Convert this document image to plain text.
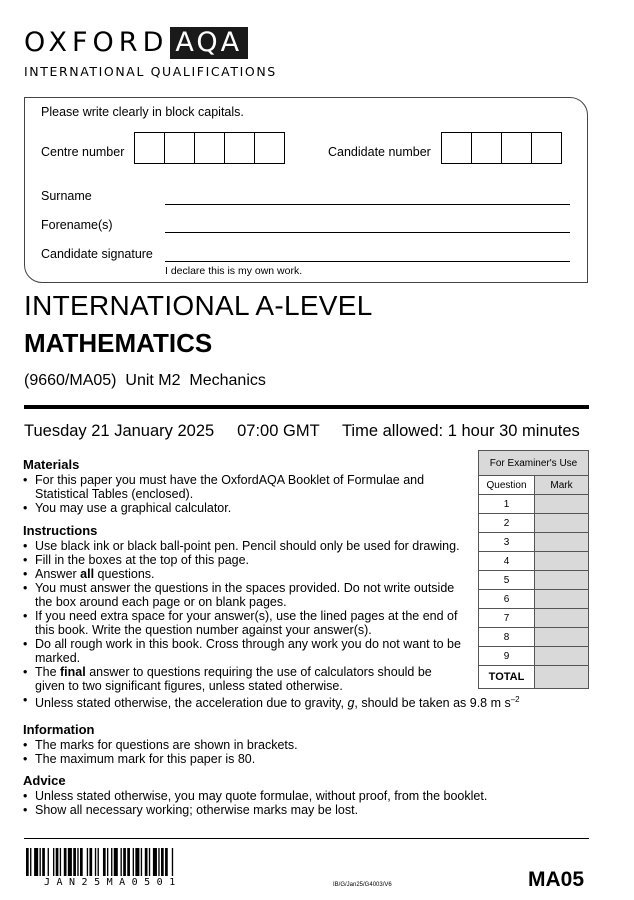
OXFORD AQA
INTERNATIONAL QUALIFICATIONS
Please write clearly in block capitals.
Centre number	Candidate number
Surname
Forename(s)
Candidate signature
I declare this is my own work.
INTERNATIONAL A-LEVEL
MATHEMATICS
(9660/MA05)  Unit M2  Mechanics
Tuesday 21 January 2025 07:00 GMT Time allowed: 1 hour 30 minutes
Materials
• For this paper you must have the OxfordAQA Booklet of Formulae and Statistical Tables (enclosed).
• You may use a graphical calculator.
Instructions
• Use black ink or black ball-point pen. Pencil should only be used for drawing.
• Fill in the boxes at the top of this page.
• Answer all questions.
• You must answer the questions in the spaces provided. Do not write outside the box around each page or on blank pages.
• If you need extra space for your answer(s), use the lined pages at the end of this book. Write the question number against your answer(s).
• Do all rough work in this book. Cross through any work you do not want to be marked.
• The final answer to questions requiring the use of calculators should be given to two significant figures, unless stated otherwise.
• Unless stated otherwise, the acceleration due to gravity, g, should be taken as 9.8 m $s^{-2}$
Information
• The marks for questions are shown in brackets.
• The maximum mark for this paper is 80.
Advice
• Unless stated otherwise, you may quote formulae, without proof, from the booklet.
• Show all necessary working; otherwise marks may be lost.
For Examiner's Use	
Question	Mark
1	
2	
3	
4	
5	
6	
7	
8	
9	
TOTAL	
JAN25MA0501	IB/G/Jan25/G4003/V6	MA05
